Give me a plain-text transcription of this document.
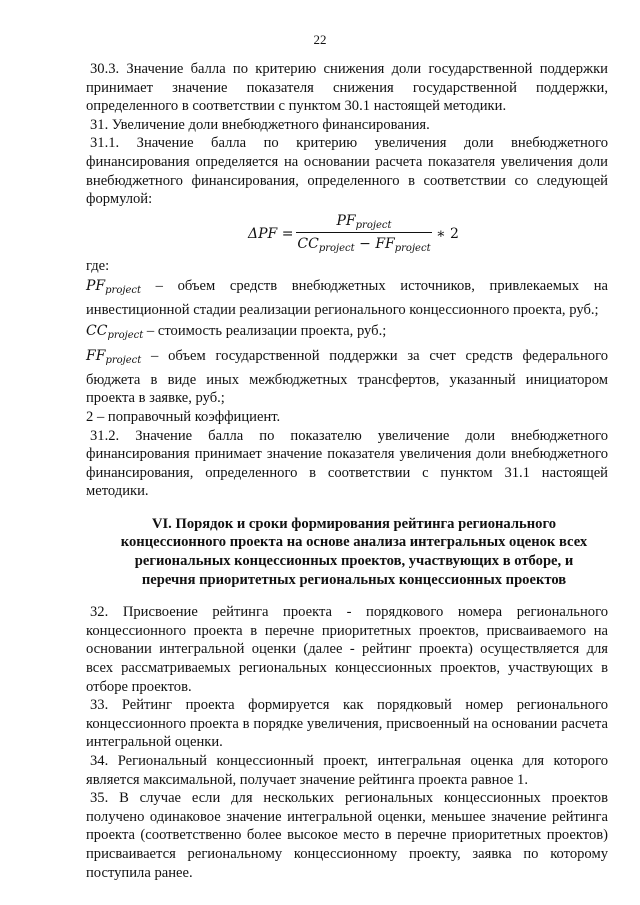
22

30.3. Значение балла по критерию снижения доли государственной поддержки принимает значение показателя снижения государственной поддержки, определенного в соответствии с пунктом 30.1 настоящей методики.

31. Увеличение доли внебюджетного финансирования.

31.1. Значение балла по критерию увеличения доли внебюджетного финансирования определяется на основании расчета показателя увеличения доли внебюджетного финансирования, определенного в соответствии со следующей формулой:

ΔPF =
$PF_{project}$
$CC_{project} - FF_{project}$
∗ 2

где:

$PF_{project}$ – объем средств внебюджетных источников, привлекаемых на инвестиционной стадии реализации регионального концессионного проекта, руб.;

$CC_{project}$ – стоимость реализации проекта, руб.;

$FF_{project}$ – объем государственной поддержки за счет средств федерального бюджета в виде иных межбюджетных трансфертов, указанный инициатором проекта в заявке, руб.;

2 – поправочный коэффициент.

31.2. Значение балла по показателю увеличение доли внебюджетного финансирования принимает значение показателя увеличения доли внебюджетного финансирования, определенного в соответствии с пунктом 31.1 настоящей методики.

VI. Порядок и сроки формирования рейтинга регионального
концессионного проекта на основе анализа интегральных оценок всех
региональных концессионных проектов, участвующих в отборе, и
перечня приоритетных региональных концессионных проектов

32. Присвоение рейтинга проекта - порядкового номера регионального концессионного проекта в перечне приоритетных проектов, присваиваемого на основании интегральной оценки (далее - рейтинг проекта) осуществляется для всех рассматриваемых региональных концессионных проектов, участвующих в отборе проектов.

33. Рейтинг проекта формируется как порядковый номер регионального концессионного проекта в порядке увеличения, присвоенный на основании расчета интегральной оценки.

34. Региональный концессионный проект, интегральная оценка для которого является максимальной, получает значение рейтинга проекта равное 1.

35. В случае если для нескольких региональных концессионных проектов получено одинаковое значение интегральной оценки, меньшее значение рейтинга проекта (соответственно более высокое место в перечне приоритетных проектов) присваивается региональному концессионному проекту, заявка по которому поступила ранее.
